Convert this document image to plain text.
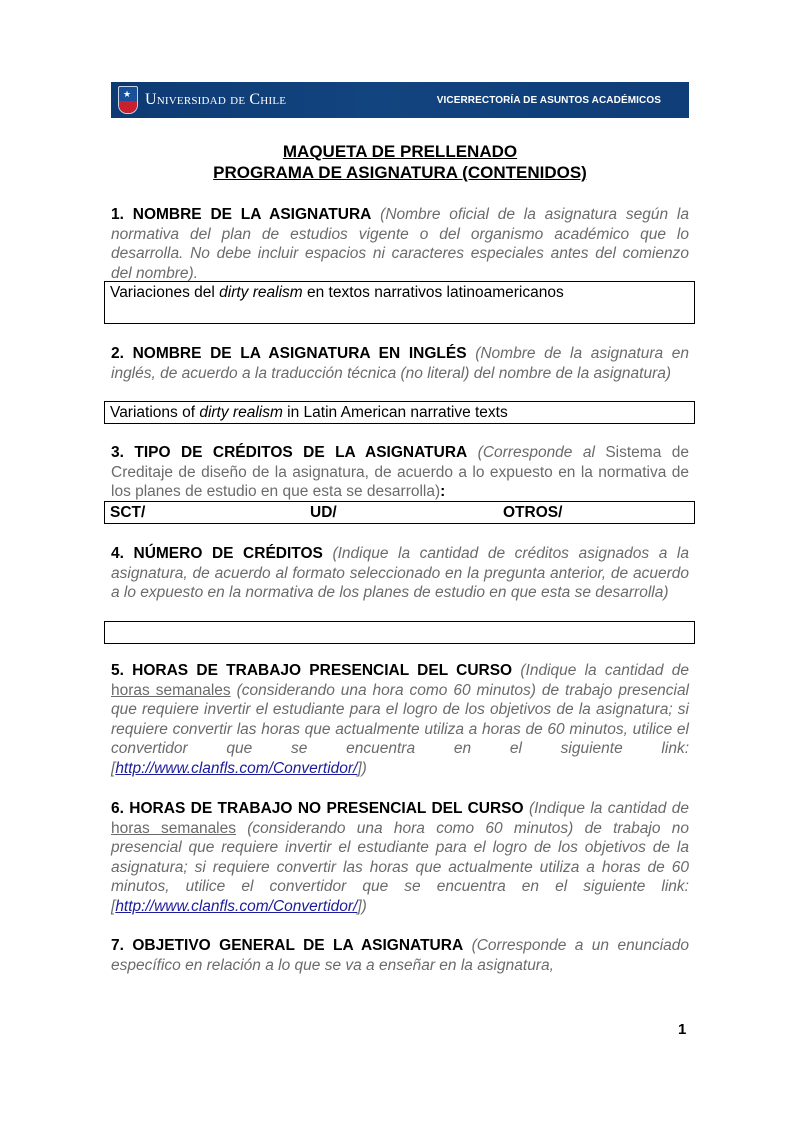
★ Universidad de Chile	VICERRECTORÍA DE ASUNTOS ACADÉMICOS
MAQUETA DE PRELLENADO
PROGRAMA DE ASIGNATURA (CONTENIDOS)
1. NOMBRE DE LA ASIGNATURA (Nombre oficial de la asignatura según la normativa del plan de estudios vigente o del organismo académico que lo desarrolla. No debe incluir espacios ni caracteres especiales antes del comienzo del nombre).
Variaciones del dirty realism en textos narrativos latinoamericanos
2. NOMBRE DE LA ASIGNATURA EN INGLÉS (Nombre de la asignatura en inglés, de acuerdo a la traducción técnica (no literal) del nombre de la asignatura)
Variations of dirty realism in Latin American narrative texts
3. TIPO DE CRÉDITOS DE LA ASIGNATURA (Corresponde al Sistema de Creditaje de diseño de la asignatura, de acuerdo a lo expuesto en la normativa de los planes de estudio en que esta se desarrolla):
SCT/	UD/	OTROS/
4. NÚMERO DE CRÉDITOS (Indique la cantidad de créditos asignados a la asignatura, de acuerdo al formato seleccionado en la pregunta anterior, de acuerdo a lo expuesto en la normativa de los planes de estudio en que esta se desarrolla)
5. HORAS DE TRABAJO PRESENCIAL DEL CURSO (Indique la cantidad de horas semanales (considerando una hora como 60 minutos) de trabajo presencial que requiere invertir el estudiante para el logro de los objetivos de la asignatura; si requiere convertir las horas que actualmente utiliza a horas de 60 minutos, utilice el convertidor que se encuentra en el siguiente link: [http://www.clanfls.com/Convertidor/])
6. HORAS DE TRABAJO NO PRESENCIAL DEL CURSO (Indique la cantidad de horas semanales (considerando una hora como 60 minutos) de trabajo no presencial que requiere invertir el estudiante para el logro de los objetivos de la asignatura; si requiere convertir las horas que actualmente utiliza a horas de 60 minutos, utilice el convertidor que se encuentra en el siguiente link: [http://www.clanfls.com/Convertidor/])
7. OBJETIVO GENERAL DE LA ASIGNATURA (Corresponde a un enunciado específico en relación a lo que se va a enseñar en la asignatura,
1
